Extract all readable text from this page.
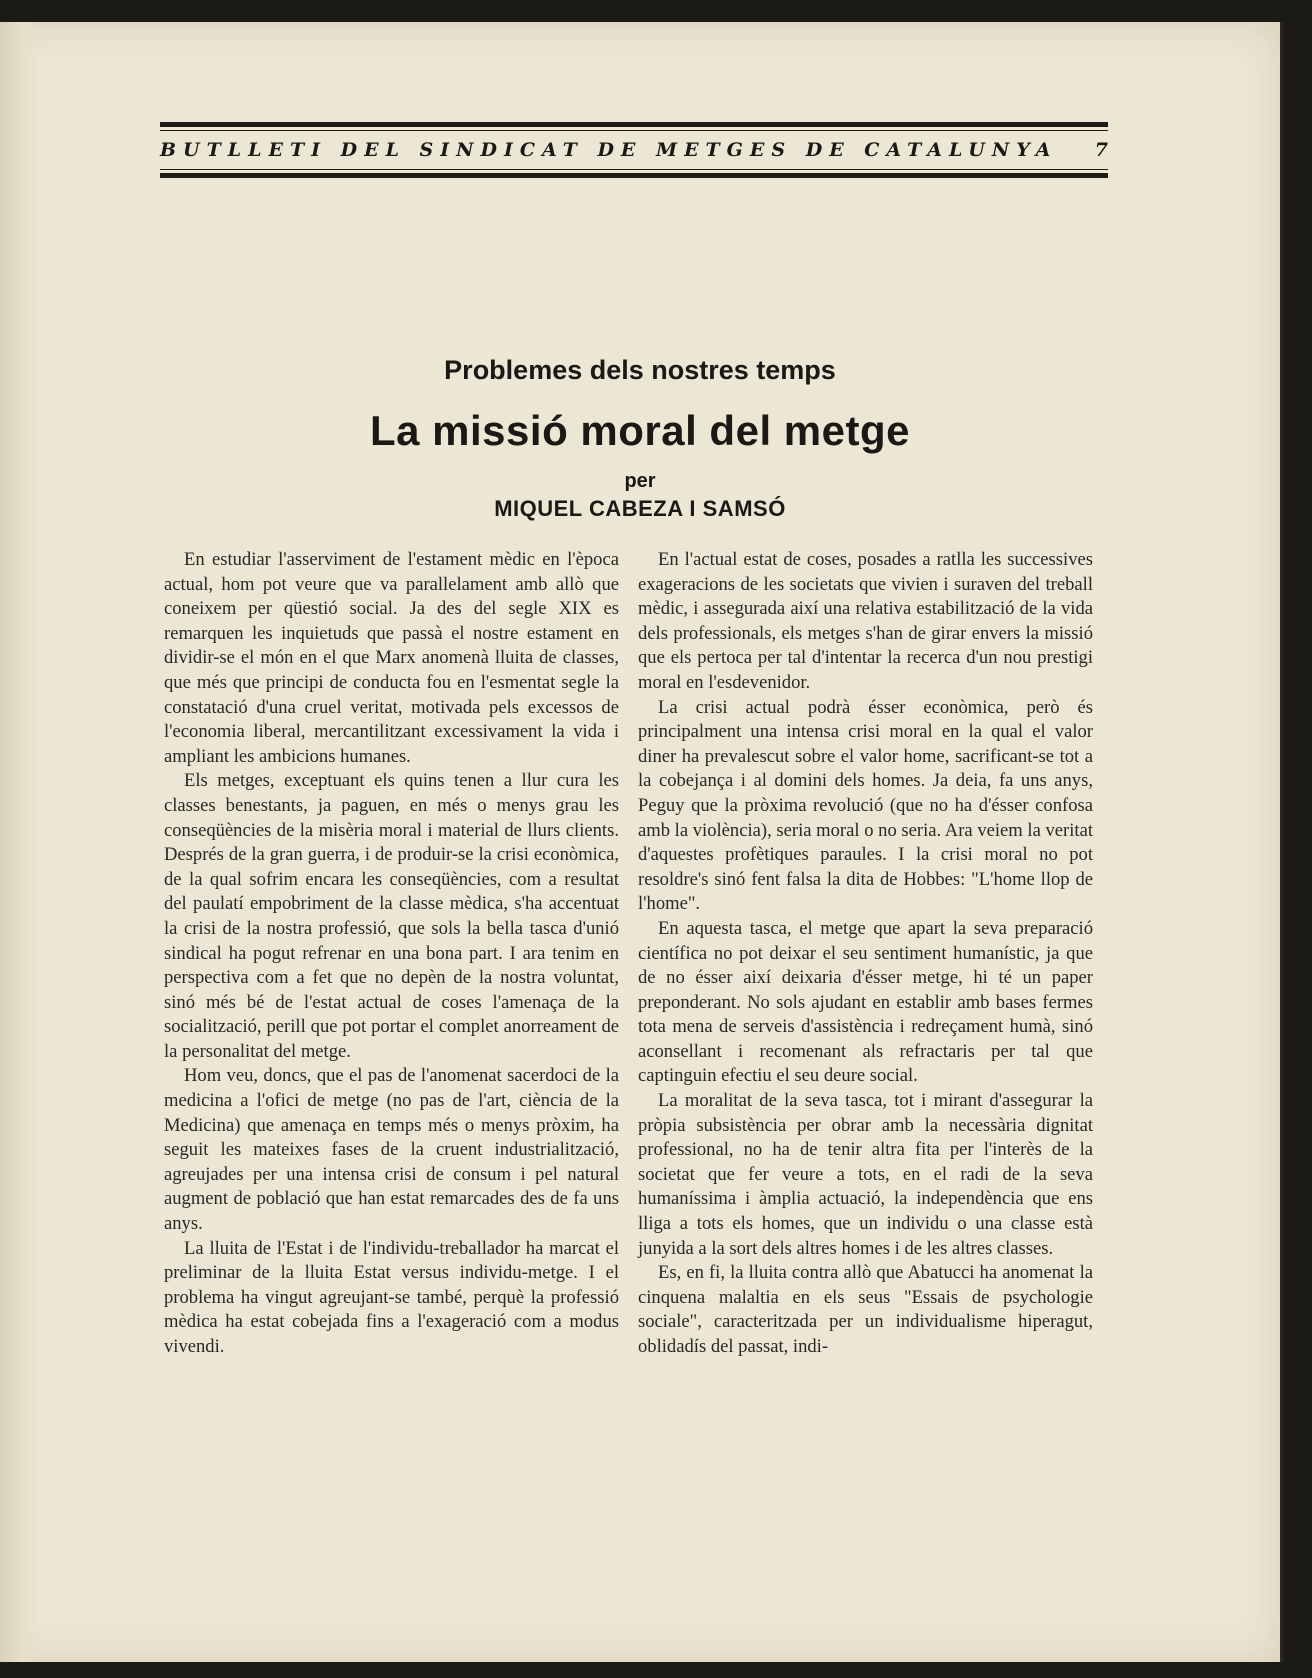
BUTLLETI DEL SINDICAT DE METGES DE CATALUNYA 7
Problemes dels nostres temps
La missió moral del metge
per
MIQUEL CABEZA I SAMSÓ

En estudiar l'asserviment de l'estament mèdic en l'època actual, hom pot veure que va parallelament amb allò que coneixem per qüestió social. Ja des del segle XIX es remarquen les inquietuds que passà el nostre estament en dividir-se el món en el que Marx anomenà lluita de classes, que més que principi de conducta fou en l'esmentat segle la constatació d'una cruel veritat, motivada pels excessos de l'economia liberal, mercantilitzant excessivament la vida i ampliant les ambicions humanes.

Els metges, exceptuant els quins tenen a llur cura les classes benestants, ja paguen, en més o menys grau les conseqüències de la misèria moral i material de llurs clients. Després de la gran guerra, i de produir-se la crisi econòmica, de la qual sofrim encara les conseqüències, com a resultat del paulatí empobriment de la classe mèdica, s'ha accentuat la crisi de la nostra professió, que sols la bella tasca d'unió sindical ha pogut refrenar en una bona part. I ara tenim en perspectiva com a fet que no depèn de la nostra voluntat, sinó més bé de l'estat actual de coses l'amenaça de la socialització, perill que pot portar el complet anorreament de la personalitat del metge.

Hom veu, doncs, que el pas de l'anomenat sacerdoci de la medicina a l'ofici de metge (no pas de l'art, ciència de la Medicina) que amenaça en temps més o menys pròxim, ha seguit les mateixes fases de la cruent industrialització, agreujades per una intensa crisi de consum i pel natural augment de població que han estat remarcades des de fa uns anys.

La lluita de l'Estat i de l'individu-treballador ha marcat el preliminar de la lluita Estat versus individu-metge. I el problema ha vingut agreujant-se també, perquè la professió mèdica ha estat cobejada fins a l'exageració com a modus vivendi.

En l'actual estat de coses, posades a ratlla les successives exageracions de les societats que vivien i suraven del treball mèdic, i assegurada així una relativa estabilització de la vida dels professionals, els metges s'han de girar envers la missió que els pertoca per tal d'intentar la recerca d'un nou prestigi moral en l'esdevenidor.

La crisi actual podrà ésser econòmica, però és principalment una intensa crisi moral en la qual el valor diner ha prevalescut sobre el valor home, sacrificant-se tot a la cobejança i al domini dels homes. Ja deia, fa uns anys, Peguy que la pròxima revolució (que no ha d'ésser confosa amb la violència), seria moral o no seria. Ara veiem la veritat d'aquestes profètiques paraules. I la crisi moral no pot resoldre's sinó fent falsa la dita de Hobbes: "L'home llop de l'home".

En aquesta tasca, el metge que apart la seva preparació científica no pot deixar el seu sentiment humanístic, ja que de no ésser així deixaria d'ésser metge, hi té un paper preponderant. No sols ajudant en establir amb bases fermes tota mena de serveis d'assistència i redreçament humà, sinó aconsellant i recomenant als refractaris per tal que captinguin efectiu el seu deure social.

La moralitat de la seva tasca, tot i mirant d'assegurar la pròpia subsistència per obrar amb la necessària dignitat professional, no ha de tenir altra fita per l'interès de la societat que fer veure a tots, en el radi de la seva humaníssima i àmplia actuació, la independència que ens lliga a tots els homes, que un individu o una classe està junyida a la sort dels altres homes i de les altres classes.

Es, en fi, la lluita contra allò que Abatucci ha anomenat la cinquena malaltia en els seus "Essais de psychologie sociale", caracteritzada per un individualisme hiperagut, oblidadís del passat, indi-
